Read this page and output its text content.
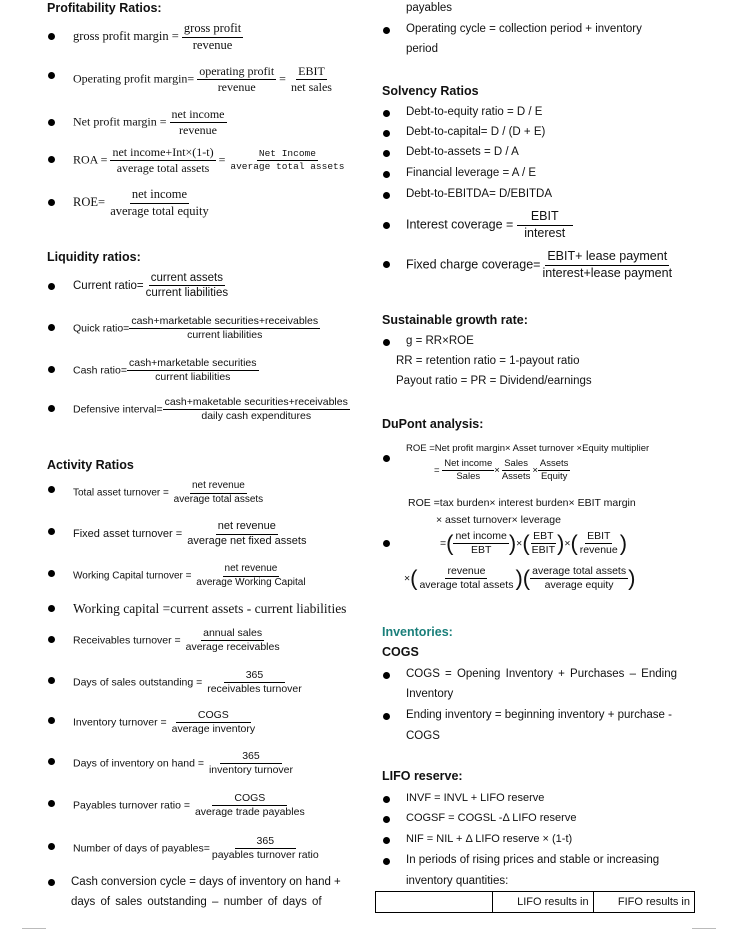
Profitability Ratios:
gross profit margin = $\frac{\text{gross profit}}{\text{revenue}}$
Operating profit margin= $\frac{\text{operating profit}}{\text{revenue}} = \frac{\text{EBIT}}{\text{net sales}}$
Net profit margin = $\frac{\text{net income}}{\text{revenue}}$
ROA = $\frac{\text{net income+Int×(1-t)}}{\text{average total assets}} = \frac{\text{Net Income}}{\text{average total assets}}$
$ROE= \frac{\text{net income}}{\text{average total equity}}$
Liquidity ratios:
Current ratio= $\frac{\text{current assets}}{\text{current liabilities}}$
Quick ratio= $\frac{\text{cash+marketable securities+receivables}}{\text{current liabilities}}$
Cash ratio= $\frac{\text{cash+marketable securities}}{\text{current liabilities}}$
Defensive interval= $\frac{\text{cash+maketable securities+receivables}}{\text{daily cash expenditures}}$
Activity Ratios
Total asset turnover = $\frac{\text{net revenue}}{\text{average total assets}}$
Fixed asset turnover = $\frac{\text{net revenue}}{\text{average net fixed assets}}$
Working Capital turnover = $\frac{\text{net revenue}}{\text{average Working Capital}}$
Working capital =current assets - current liabilities
Receivables turnover = $\frac{\text{annual sales}}{\text{average receivables}}$
Days of sales outstanding = $\frac{365}{\text{receivables turnover}}$
Inventory turnover = $\frac{\text{COGS}}{\text{average inventory}}$
Days of inventory on hand = $\frac{365}{\text{inventory turnover}}$
Payables turnover ratio = $\frac{\text{COGS}}{\text{average trade payables}}$
Number of days of payables= $\frac{365}{\text{payables turnover ratio}}$
Cash conversion cycle = days of inventory on hand +
days of sales outstanding – number of days of
payables
Operating cycle = collection period + inventory
period
Solvency Ratios
Debt-to-equity ratio = D / E
Debt-to-capital= D / (D + E)
Debt-to-assets = D / A
Financial leverage = A / E
Debt-to-EBITDA= D/EBITDA
Interest coverage = $\frac{\text{EBIT}}{\text{interest}}$
Fixed charge coverage= $\frac{\text{EBIT+ lease payment}}{\text{interest+lease payment}}$
Sustainable growth rate:
g = RR×ROE
RR = retention ratio = 1-payout ratio
Payout ratio = PR = Dividend/earnings
DuPont analysis:
ROE =Net profit margin× Asset turnover ×Equity multiplier
= $\frac{\text{Net income}}{\text{Sales}} \times \frac{\text{Sales}}{\text{Assets}} \times \frac{\text{Assets}}{\text{Equity}}$
ROE =tax burden× interest burden× EBIT margin
× asset turnover× leverage
=( $\frac{\text{net income}}{\text{EBT}}$ )×( $\frac{\text{EBT}}{\text{EBIT}}$ )×( $\frac{\text{EBIT}}{\text{revenue}}$ )
×( $\frac{\text{revenue}}{\text{average total assets}}$ )( $\frac{\text{average total assets}}{\text{average equity}}$ )
Inventories:
COGS
COGS = Opening Inventory + Purchases – Ending
Inventory
Ending inventory = beginning inventory + purchase -
COGS
LIFO reserve:
INVF = INVL + LIFO reserve
COGSF = COGSL -Δ LIFO reserve
NIF = NIL + Δ LIFO reserve × (1-t)
In periods of rising prices and stable or increasing
inventory quantities:
	LIFO results in	FIFO results in
